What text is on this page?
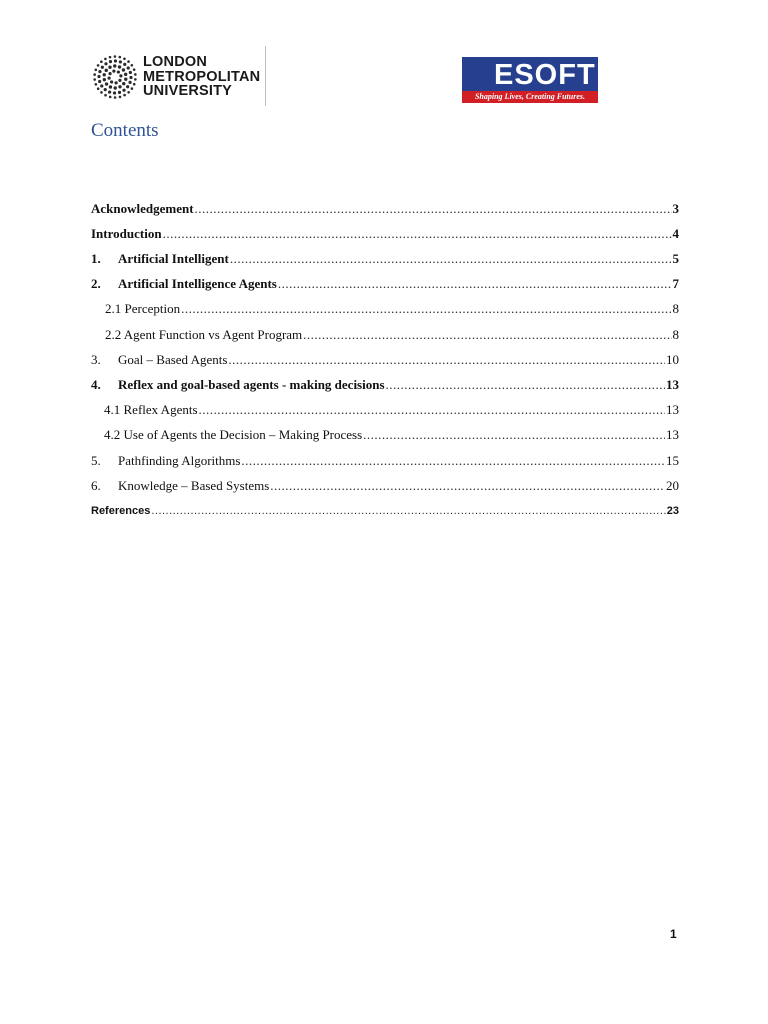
LONDON
METROPOLITAN
UNIVERSITY
ESOFT
Shaping Lives, Creating Futures.
Contents
Acknowledgement .....	3
Introduction .....	4
1.	Artificial Intelligent .....	5
2.	Artificial Intelligence Agents .....	7
2.1 Perception .....	8
2.2 Agent Function vs Agent Program .....	8
3.	Goal – Based Agents .....	10
4.	Reflex and goal-based agents - making decisions .....	13
4.1 Reflex Agents .....	13
4.2 Use of Agents the Decision – Making Process .....	13
5.	Pathfinding Algorithms .....	15
6.	Knowledge – Based Systems .....	20
References .....	23
1
